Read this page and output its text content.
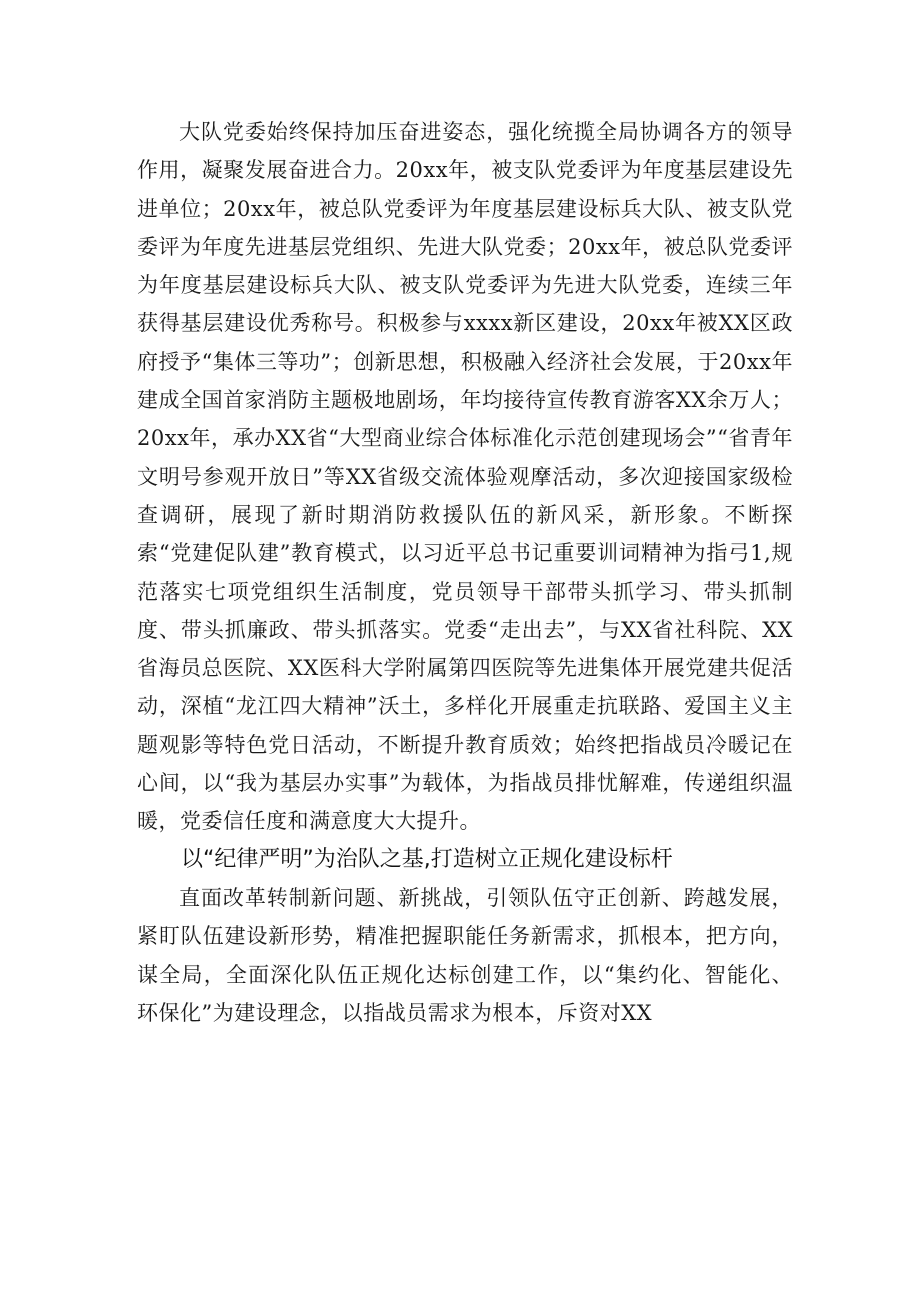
大队党委始终保持加压奋进姿态，强化统揽全局协调各方的领导作用，凝聚发展奋进合力。20xx年，被支队党委评为年度基层建设先进单位；20xx年，被总队党委评为年度基层建设标兵大队、被支队党委评为年度先进基层党组织、先进大队党委；20xx年，被总队党委评为年度基层建设标兵大队、被支队党委评为先进大队党委，连续三年获得基层建设优秀称号。积极参与xxxx新区建设，20xx年被XX区政府授予“集体三等功”；创新思想，积极融入经济社会发展，于20xx年建成全国首家消防主题极地剧场，年均接待宣传教育游客XX余万人；20xx年，承办XX省“大型商业综合体标准化示范创建现场会”“省青年文明号参观开放日”等XX省级交流体验观摩活动，多次迎接国家级检查调研，展现了新时期消防救援队伍的新风采，新形象。不断探索“党建促队建”教育模式，以习近平总书记重要训词精神为指弓1,规范落实七项党组织生活制度，党员领导干部带头抓学习、带头抓制度、带头抓廉政、带头抓落实。党委“走出去”，与XX省社科院、XX省海员总医院、XX医科大学附属第四医院等先进集体开展党建共促活动，深植“龙江四大精神”沃土，多样化开展重走抗联路、爱国主义主题观影等特色党日活动，不断提升教育质效；始终把指战员冷暖记在心间，以“我为基层办实事”为载体，为指战员排忧解难，传递组织温暖，党委信任度和满意度大大提升。

以“纪律严明”为治队之基,打造树立正规化建设标杆

直面改革转制新问题、新挑战，引领队伍守正创新、跨越发展，紧盯队伍建设新形势，精准把握职能任务新需求，抓根本，把方向，谋全局，全面深化队伍正规化达标创建工作，以“集约化、智能化、环保化”为建设理念，以指战员需求为根本，斥资对XX
